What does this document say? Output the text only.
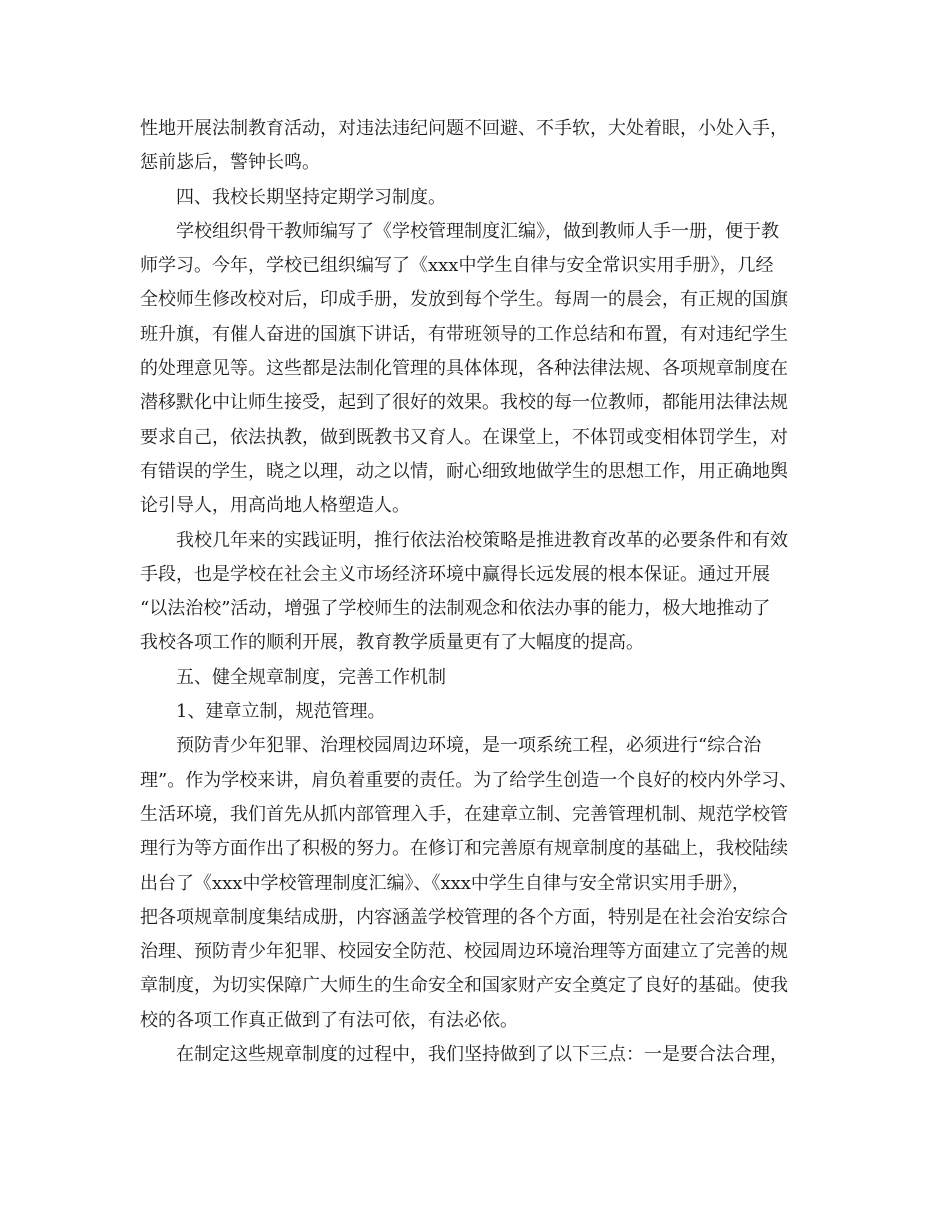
性地开展法制教育活动，对违法违纪问题不回避、不手软，大处着眼，小处入手，
惩前毖后，警钟长鸣。
四、我校长期坚持定期学习制度。
学校组织骨干教师编写了《学校管理制度汇编》，做到教师人手一册，便于教
师学习。今年，学校已组织编写了《xxx中学生自律与安全常识实用手册》，几经
全校师生修改校对后，印成手册，发放到每个学生。每周一的晨会，有正规的国旗
班升旗，有催人奋进的国旗下讲话，有带班领导的工作总结和布置，有对违纪学生
的处理意见等。这些都是法制化管理的具体体现，各种法律法规、各项规章制度在
潜移默化中让师生接受，起到了很好的效果。我校的每一位教师，都能用法律法规
要求自己，依法执教，做到既教书又育人。在课堂上，不体罚或变相体罚学生，对
有错误的学生，晓之以理，动之以情，耐心细致地做学生的思想工作，用正确地舆
论引导人，用高尚地人格塑造人。
我校几年来的实践证明，推行依法治校策略是推进教育改革的必要条件和有效
手段，也是学校在社会主义市场经济环境中赢得长远发展的根本保证。通过开展
“以法治校”活动，增强了学校师生的法制观念和依法办事的能力，极大地推动了
我校各项工作的顺利开展，教育教学质量更有了大幅度的提高。
五、健全规章制度，完善工作机制
1、建章立制，规范管理。
预防青少年犯罪、治理校园周边环境，是一项系统工程，必须进行“综合治
理”。作为学校来讲，肩负着重要的责任。为了给学生创造一个良好的校内外学习、
生活环境，我们首先从抓内部管理入手，在建章立制、完善管理机制、规范学校管
理行为等方面作出了积极的努力。在修订和完善原有规章制度的基础上，我校陆续
出台了《xxx中学校管理制度汇编》、《xxx中学生自律与安全常识实用手册》，
把各项规章制度集结成册，内容涵盖学校管理的各个方面，特别是在社会治安综合
治理、预防青少年犯罪、校园安全防范、校园周边环境治理等方面建立了完善的规
章制度，为切实保障广大师生的生命安全和国家财产安全奠定了良好的基础。使我
校的各项工作真正做到了有法可依，有法必依。
在制定这些规章制度的过程中，我们坚持做到了以下三点：一是要合法合理，
